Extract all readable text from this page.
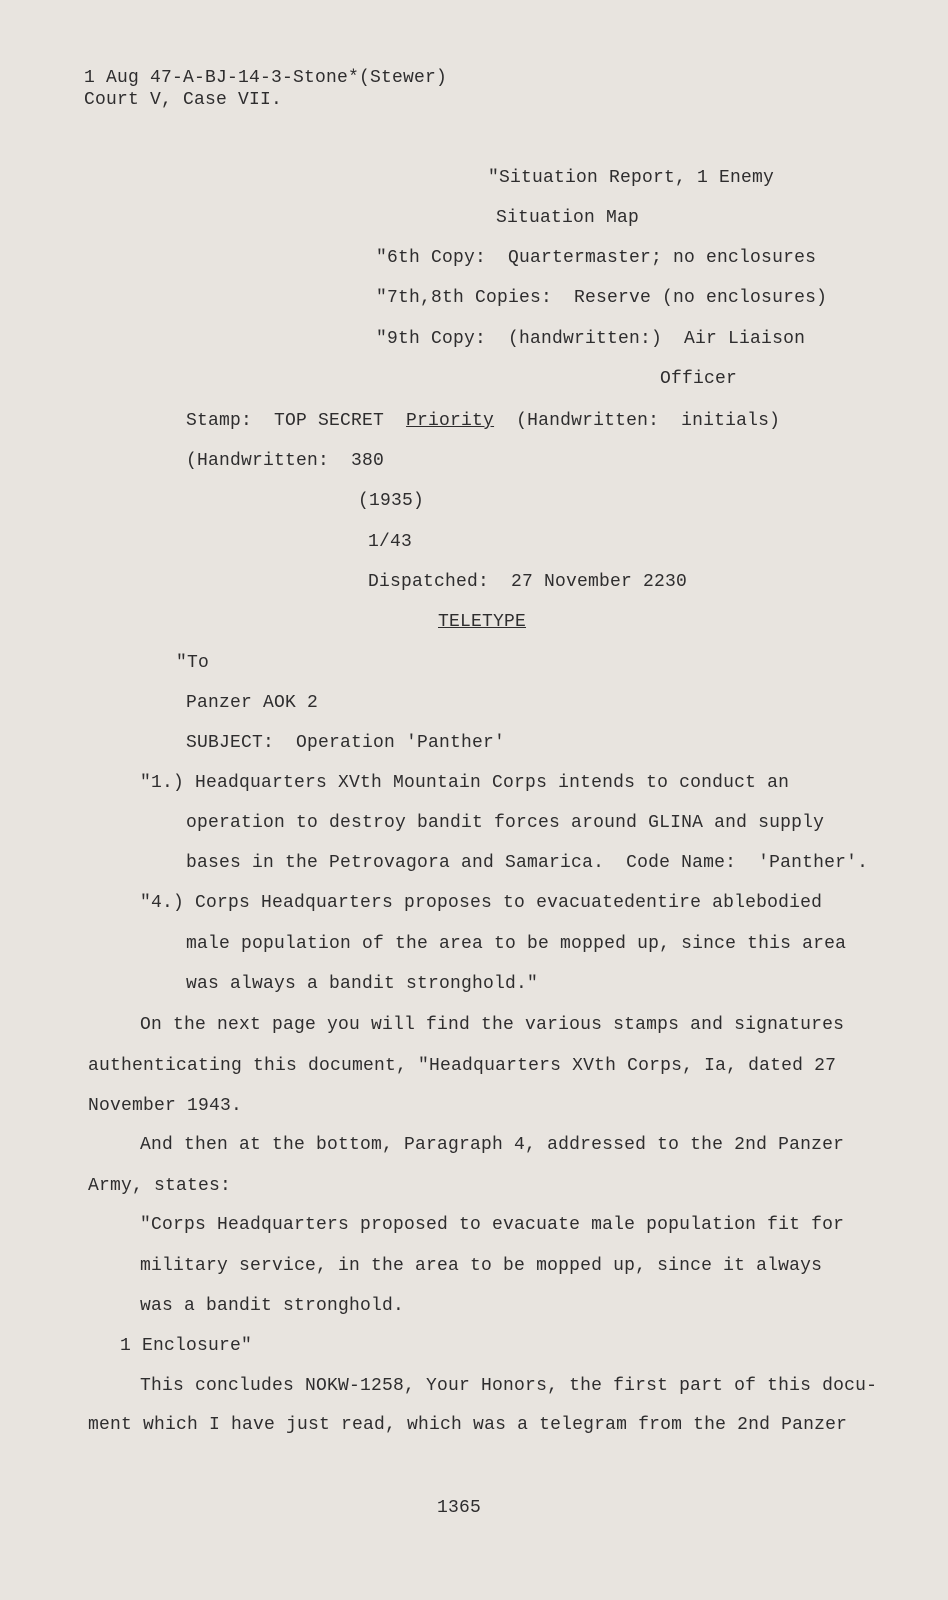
1 Aug 47-A-BJ-14-3-Stone*(Stewer)
Court V, Case VII.
"Situation Report, 1 Enemy
Situation Map
"6th Copy:  Quartermaster; no enclosures
"7th,8th Copies:  Reserve (no enclosures)
"9th Copy:  (handwritten:)  Air Liaison
Officer
Stamp:  TOP SECRET  Priority  (Handwritten:  initials)
(Handwritten:  380
(1935)
1/43
Dispatched:  27 November 2230
TELETYPE
"To
Panzer AOK 2
SUBJECT:  Operation 'Panther'
"1.) Headquarters XVth Mountain Corps intends to conduct an
operation to destroy bandit forces around GLINA and supply
bases in the Petrovagora and Samarica.  Code Name:  'Panther'.
"4.) Corps Headquarters proposes to evacuatedentire ablebodied
male population of the area to be mopped up, since this area
was always a bandit stronghold."
On the next page you will find the various stamps and signatures
authenticating this document, "Headquarters XVth Corps, Ia, dated 27
November 1943.
And then at the bottom, Paragraph 4, addressed to the 2nd Panzer
Army, states:
"Corps Headquarters proposed to evacuate male population fit for
military service, in the area to be mopped up, since it always
was a bandit stronghold.
1 Enclosure"
This concludes NOKW-1258, Your Honors, the first part of this docu-
ment which I have just read, which was a telegram from the 2nd Panzer
1365
